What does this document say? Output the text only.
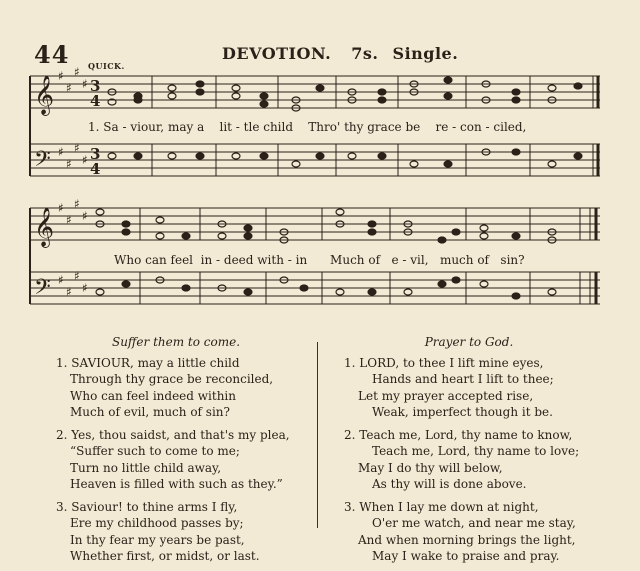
44	DEVOTION. 7s. Single.
QUICK.
𝄞
𝄢
𝄞
𝄢
♯
♯
♯
♯
♯
♯
♯
♯
♯
♯
♯
♯
♯
♯
♯
♯
3
4
3
4
1. Sa - viour, may a    lit - tle child    Thro' thy grace be    re - con - ciled,
Who can feel  in - deed with - in      Much of   e - vil,   much of   sin?
Suffer them to come.
1. SAVIOUR, may a little child
Through thy grace be reconciled,
Who can feel indeed within
Much of evil, much of sin?
2. Yes, thou saidst, and that's my plea,
“Suffer such to come to me;
Turn no little child away,
Heaven is filled with such as they.”
3. Saviour! to thine arms I fly,
Ere my childhood passes by;
In thy fear my years be past,
Whether first, or midst, or last.
Prayer to God.
1. LORD, to thee I lift mine eyes,
Hands and heart I lift to thee;
Let my prayer accepted rise,
Weak, imperfect though it be.
2. Teach me, Lord, thy name to know,
Teach me, Lord, thy name to love;
May I do thy will below,
As thy will is done above.
3. When I lay me down at night,
O'er me watch, and near me stay,
And when morning brings the light,
May I wake to praise and pray.
